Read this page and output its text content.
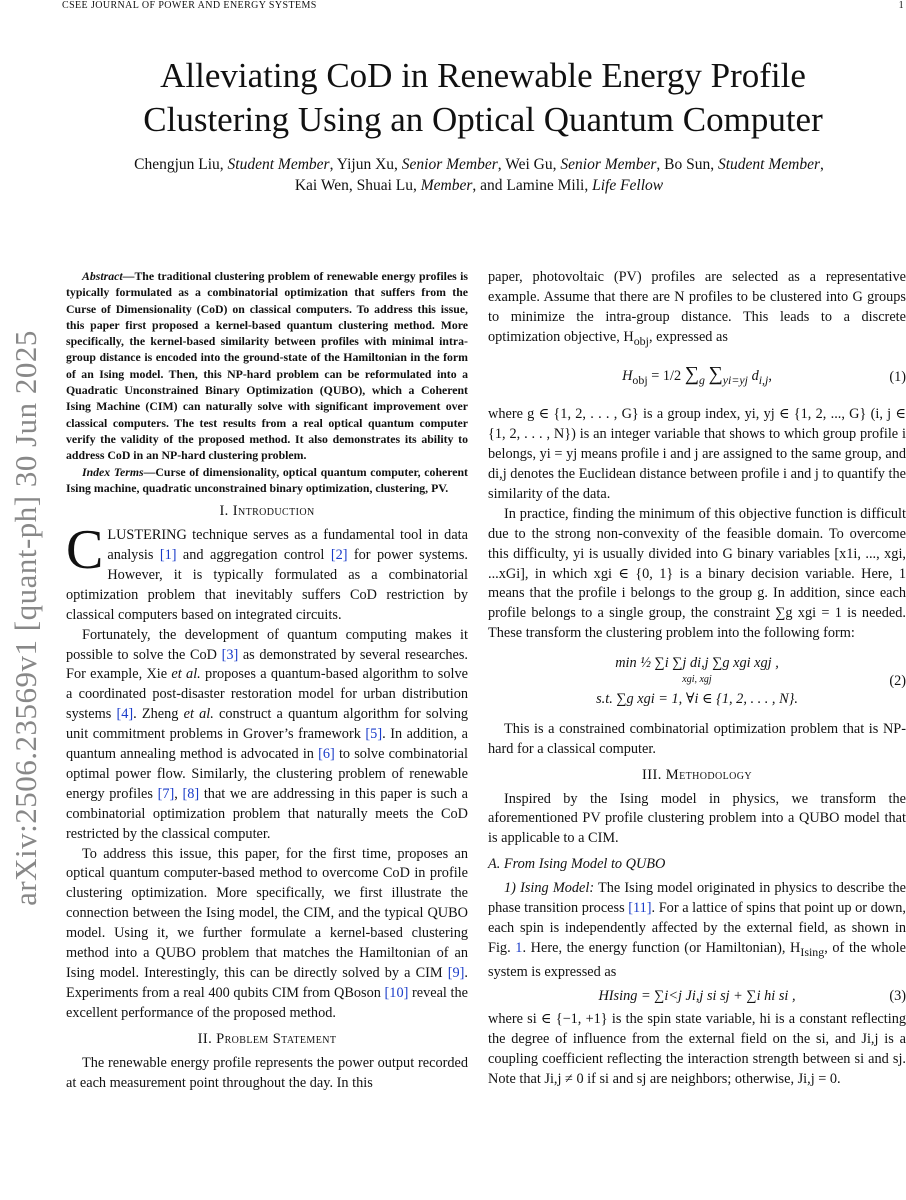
CSEE JOURNAL OF POWER AND ENERGY SYSTEMS	1
arXiv:2506.23569v1 [quant-ph] 30 Jun 2025
Alleviating CoD in Renewable Energy Profile
Clustering Using an Optical Quantum Computer
Chengjun Liu, Student Member, Yijun Xu, Senior Member, Wei Gu, Senior Member, Bo Sun, Student Member,
Kai Wen, Shuai Lu, Member, and Lamine Mili, Life Fellow

Abstract—The traditional clustering problem of renewable energy profiles is typically formulated as a combinatorial optimization that suffers from the Curse of Dimensionality (CoD) on classical computers. To address this issue, this paper first proposed a kernel-based quantum clustering method. More specifically, the kernel-based similarity between profiles with minimal intra-group distance is encoded into the ground-state of the Hamiltonian in the form of an Ising model. Then, this NP-hard problem can be reformulated into a Quadratic Unconstrained Binary Optimization (QUBO), which a Coherent Ising Machine (CIM) can naturally solve with significant improvement over classical computers. The test results from a real optical quantum computer verify the validity of the proposed method. It also demonstrates its ability to address CoD in an NP-hard clustering problem.

Index Terms—Curse of dimensionality, optical quantum computer, coherent Ising machine, quadratic unconstrained binary optimization, clustering, PV.

I. Introduction

CLUSTERING technique serves as a fundamental tool in data analysis [1] and aggregation control [2] for power systems. However, it is typically formulated as a combinatorial optimization problem that inevitably suffers CoD restriction by classical computers based on integrated circuits.

Fortunately, the development of quantum computing makes it possible to solve the CoD [3] as demonstrated by several researches. For example, Xie et al. proposes a quantum-based algorithm to solve a coordinated post-disaster restoration model for urban distribution systems [4]. Zheng et al. construct a quantum algorithm for solving unit commitment problems in Grover’s framework [5]. In addition, a quantum annealing method is advocated in [6] to solve combinatorial optimal power flow. Similarly, the clustering problem of renewable energy profiles [7], [8] that we are addressing in this paper is such a combinatorial optimization problem that naturally meets the CoD restricted by the classical computer.

To address this issue, this paper, for the first time, proposes an optical quantum computer-based method to overcome CoD in profile clustering optimization. More specifically, we first illustrate the connection between the Ising model, the CIM, and the typical QUBO model. Using it, we further formulate a kernel-based clustering method into a QUBO problem that matches the Hamiltonian of an Ising model. Interestingly, this can be directly solved by a CIM [9]. Experiments from a real 400 qubits CIM from QBoson [10] reveal the excellent performance of the proposed method.

II. Problem Statement

The renewable energy profile represents the power output recorded at each measurement point throughout the day. In this

paper, photovoltaic (PV) profiles are selected as a representative example. Assume that there are N profiles to be clustered into G groups to minimize the intra-group distance. This leads to a discrete optimization objective, $H_{obj}$, expressed as

$H_{obj} = 1/2$ $\sum_g$ $\sum_{yi=yj}$ $d_{i,j}$,	(1)

where g ∈ {1, 2, . . . , G} is a group index, yi, yj ∈ {1, 2, ..., G} (i, j ∈ {1, 2, . . . , N}) is an integer variable that shows to which group profile i belongs, yi = yj means profile i and j are assigned to the same group, and di,j denotes the Euclidean distance between profile i and j to quantify the similarity of the data.

In practice, finding the minimum of this objective function is difficult due to the strong non-convexity of the feasible domain. To overcome this difficulty, yi is usually divided into G binary variables [x1i, ..., xgi, ...xGi], in which xgi ∈ {0, 1} is a binary decision variable. Here, 1 means that the profile i belongs to the group g. In addition, since each profile belongs to a single group, the constraint ∑g xgi = 1 is needed. These transform the clustering problem into the following form:

min ½ ∑i ∑j di,j ∑g xgi xgj ,
xgi, xgj
s.t. ∑g xgi = 1, ∀i ∈ {1, 2, . . . , N}.
(2)

This is a constrained combinatorial optimization problem that is NP-hard for a classical computer.

III. Methodology

Inspired by the Ising model in physics, we transform the aforementioned PV profile clustering problem into a QUBO model that is applicable to a CIM.

A. From Ising Model to QUBO

1) Ising Model: The Ising model originated in physics to describe the phase transition process [11]. For a lattice of spins that point up or down, each spin is independently affected by the external field, as shown in Fig. 1. Here, the energy function (or Hamiltonian), $H_{Ising}$, of the whole system is expressed as

HIsing = ∑i<j Ji,j si sj + ∑i hi si ,	(3)

where si ∈ {−1, +1} is the spin state variable, hi is a constant reflecting the degree of influence from the external field on the si, and Ji,j is a coupling coefficient reflecting the interaction strength between si and sj. Note that Ji,j ≠ 0 if si and sj are neighbors; otherwise, Ji,j = 0.
